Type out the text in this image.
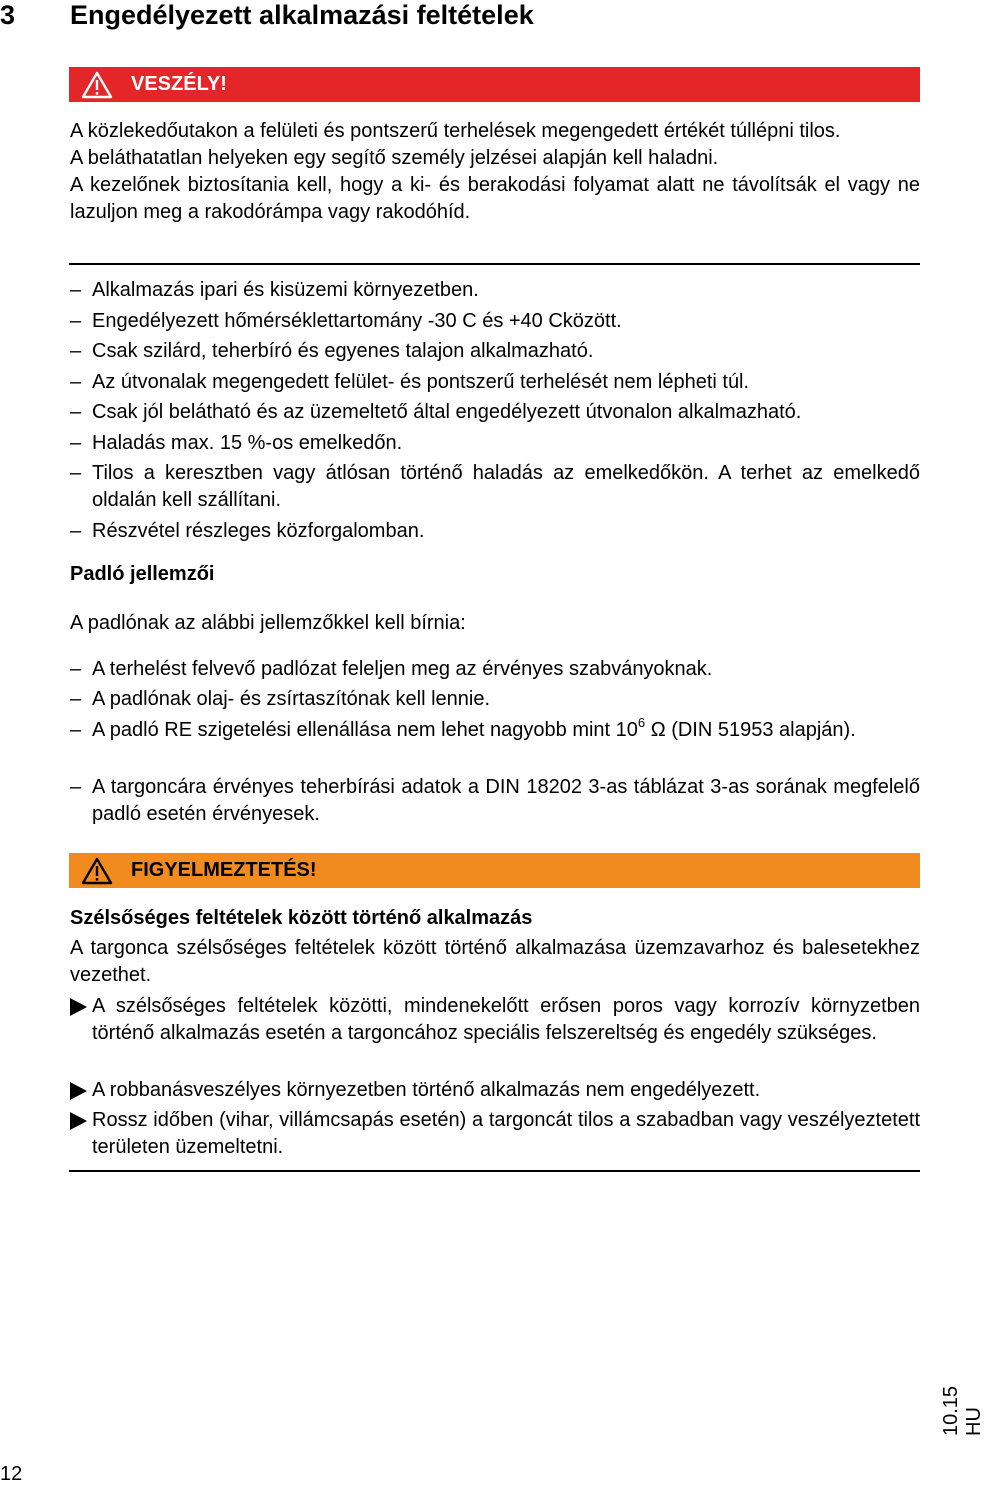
3 Engedélyezett alkalmazási feltételek
VESZÉLY!
A közlekedőutakon a felületi és pontszerű terhelések megengedett értékét túllépni tilos.
A beláthatatlan helyeken egy segítő személy jelzései alapján kell haladni.
A kezelőnek biztosítania kell, hogy a ki- és berakodási folyamat alatt ne távolítsák el vagy ne lazuljon meg a rakodórámpa vagy rakodóhíd.
– Alkalmazás ipari és kisüzemi környezetben.
– Engedélyezett hőmérséklettartomány -30 C és +40 Cközött.
– Csak szilárd, teherbíró és egyenes talajon alkalmazható.
– Az útvonalak megengedett felület- és pontszerű terhelését nem lépheti túl.
– Csak jól belátható és az üzemeltető által engedélyezett útvonalon alkalmazható.
– Haladás max. 15 %-os emelkedőn.
– Tilos a keresztben vagy átlósan történő haladás az emelkedőkön. A terhet az emelkedő oldalán kell szállítani.
– Részvétel részleges közforgalomban.
Padló jellemzői
A padlónak az alábbi jellemzőkkel kell bírnia:
– A terhelést felvevő padlózat feleljen meg az érvényes szabványoknak.
– A padlónak olaj- és zsírtaszítónak kell lennie.
– A padló RE szigetelési ellenállása nem lehet nagyobb mint $10^6$ Ω (DIN 51953 alapján).
– A targoncára érvényes teherbírási adatok a DIN 18202 3-as táblázat 3-as sorának megfelelő padló esetén érvényesek.
FIGYELMEZTETÉS!
Szélsőséges feltételek között történő alkalmazás
A targonca szélsőséges feltételek között történő alkalmazása üzemzavarhoz és balesetekhez vezethet.
A szélsőséges feltételek közötti, mindenekelőtt erősen poros vagy korrozív környzetben történő alkalmazás esetén a targoncához speciális felszereltség és engedély szükséges.
A robbanásveszélyes környezetben történő alkalmazás nem engedélyezett.
Rossz időben (vihar, villámcsapás esetén) a targoncát tilos a szabadban vagy veszélyeztetett területen üzemeltetni.
10.15 HU
12
